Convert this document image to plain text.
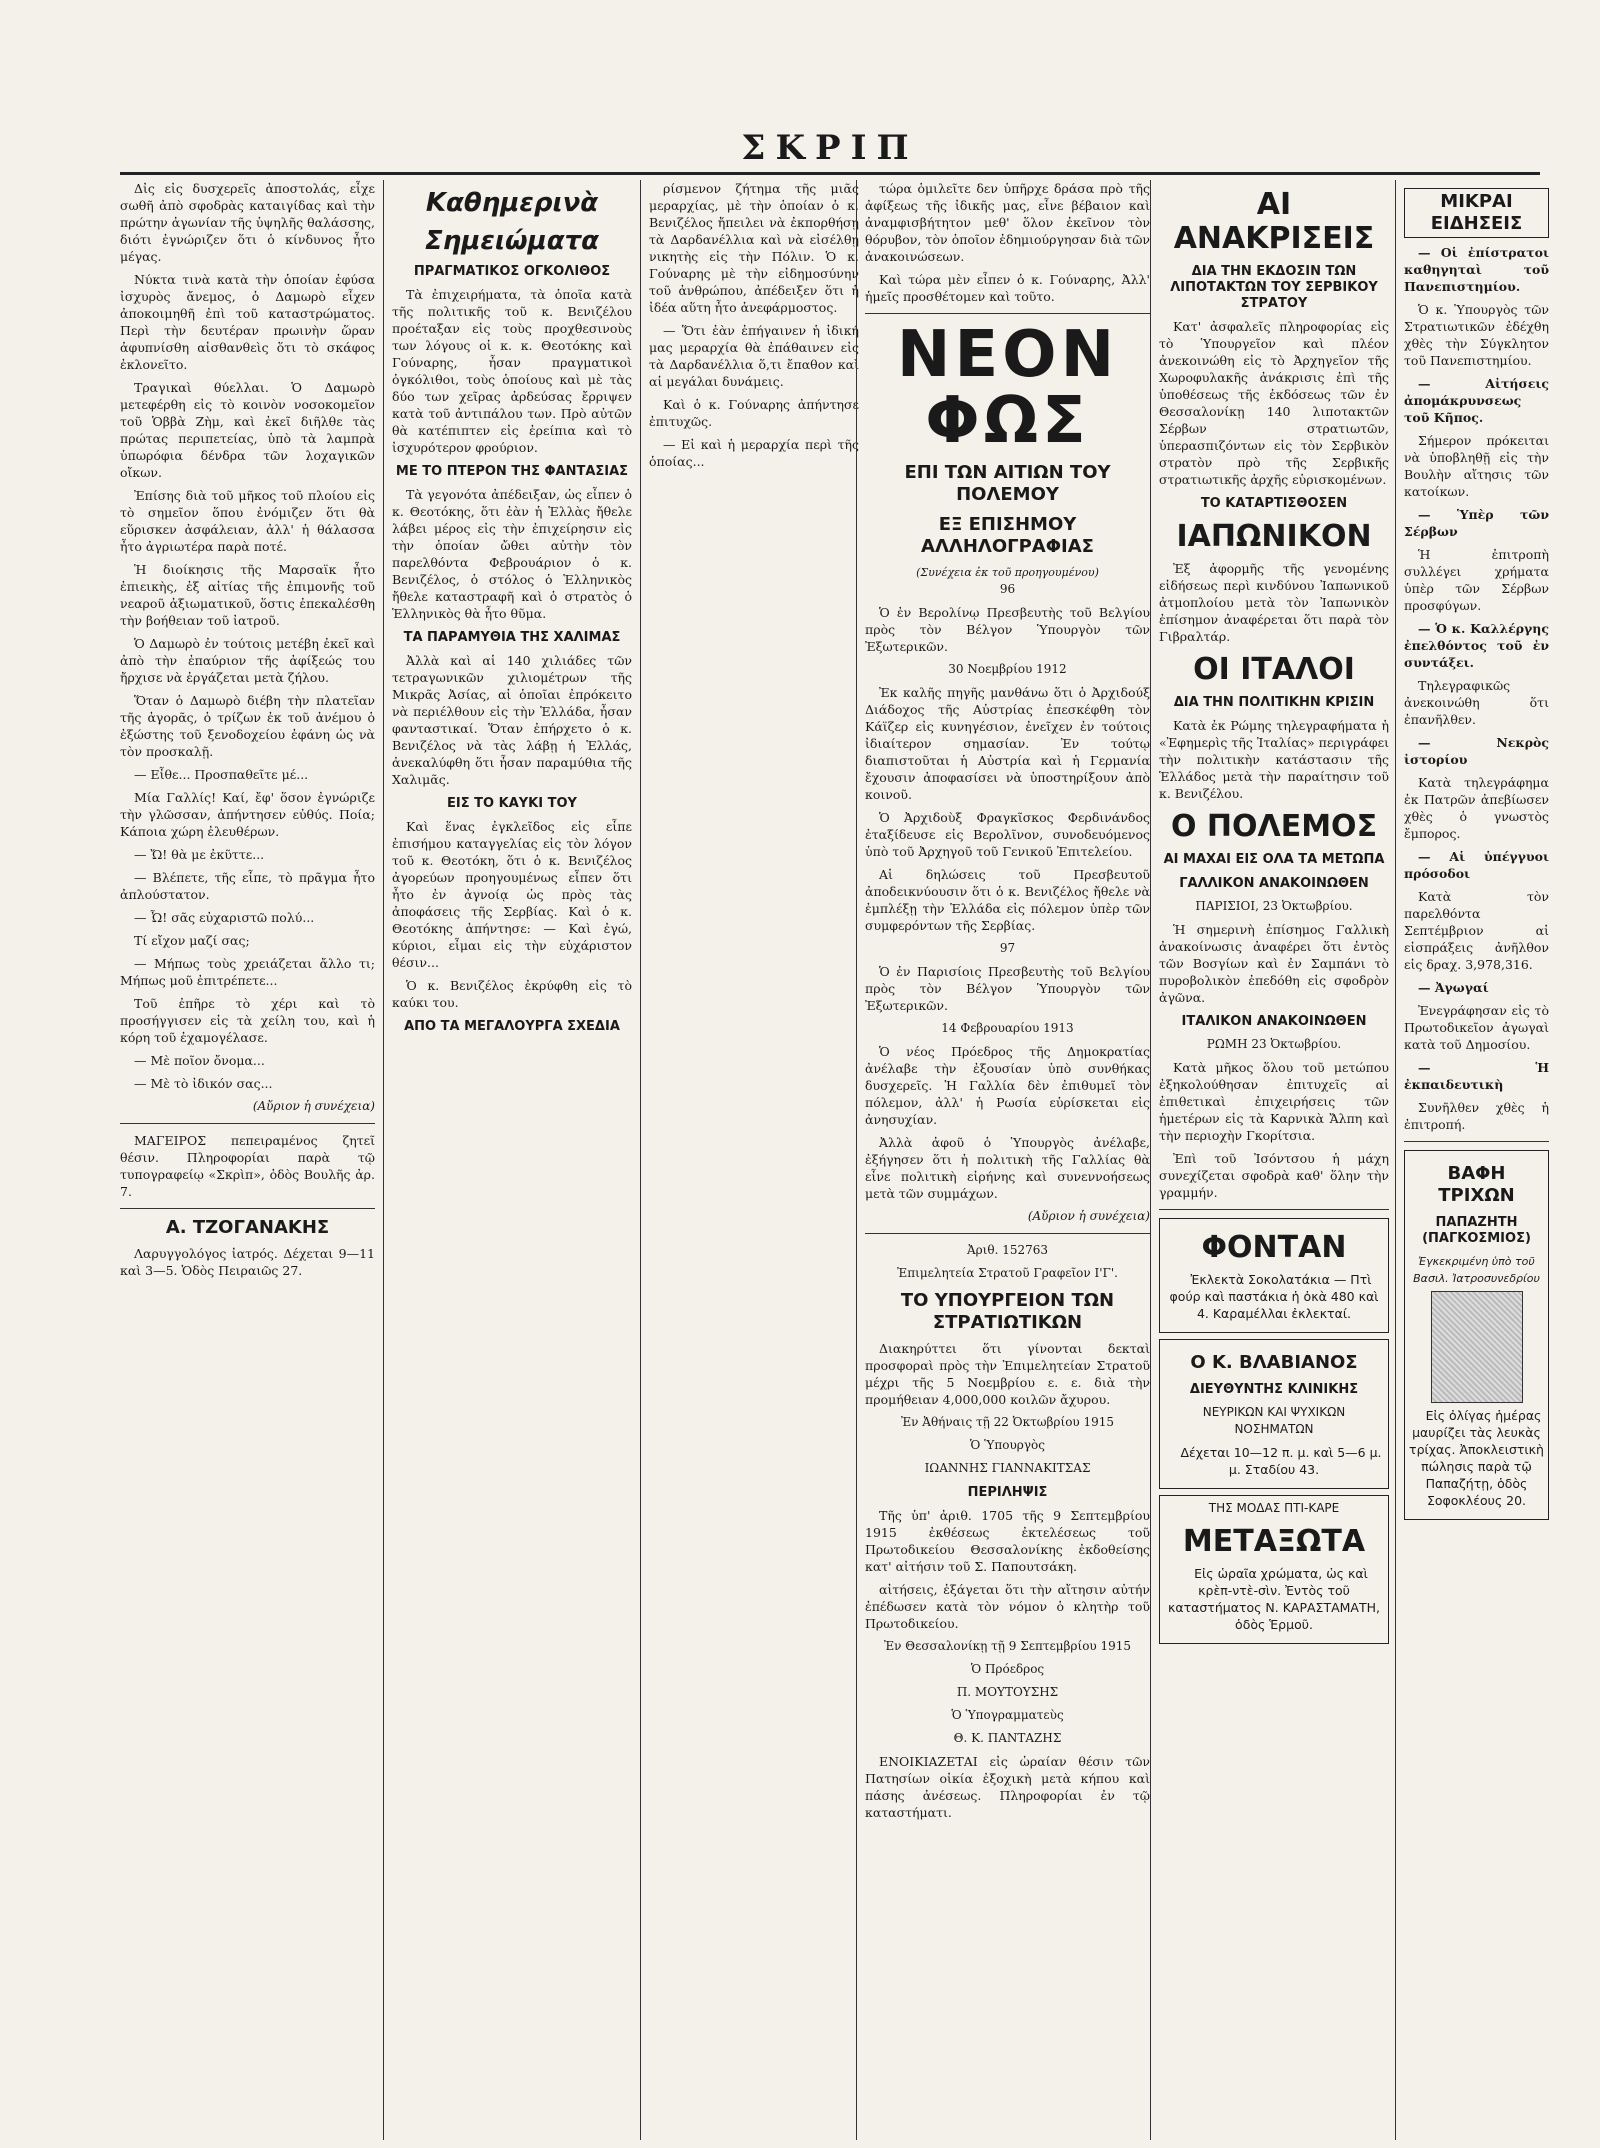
ΣΚΡΙΠ

Δἰς εἰς δυσχερεῖς ἀποστολάς, εἶχε σωθῆ ἀπὸ σφοδρὰς καταιγίδας καὶ τὴν πρώτην ἀγωνίαν τῆς ὑψηλῆς θαλάσσης, διότι ἐγνώριζεν ὅτι ὁ κίνδυνος ἦτο μέγας.

Νύκτα τινὰ κατὰ τὴν ὁποίαν ἐφύσα ἰσχυρὸς ἄνεμος, ὁ Δαμωρὸ εἶχεν ἀποκοιμηθῆ ἐπὶ τοῦ καταστρώματος. Περὶ τὴν δευτέραν πρωινὴν ὥραν ἀφυπνίσθη αἰσθανθεὶς ὅτι τὸ σκάφος ἐκλονεῖτο.

Τραγικαὶ θύελλαι. Ὁ Δαμωρὸ μετεφέρθη εἰς τὸ κοινὸν νοσοκομεῖον τοῦ Ὁββὰ Ζὴμ, καὶ ἐκεῖ διῆλθε τὰς πρώτας περιπετείας, ὑπὸ τὰ λαμπρὰ ὑπωρόφια δένδρα τῶν λοχαγικῶν οἴκων.

Ἐπίσης διὰ τοῦ μῆκος τοῦ πλοίου εἰς τὸ σημεῖον ὅπου ἐνόμιζεν ὅτι θὰ εὕρισκεν ἀσφάλειαν, ἀλλ' ἡ θάλασσα ἦτο ἀγριωτέρα παρὰ ποτέ.

Ἡ διοίκησις τῆς Μαρσαϊκ ἦτο ἐπιεικὴς, ἐξ αἰτίας τῆς ἐπιμονῆς τοῦ νεαροῦ ἀξιωματικοῦ, ὅστις ἐπεκαλέσθη τὴν βοήθειαν τοῦ ἰατροῦ.

Ὁ Δαμωρὸ ἐν τούτοις μετέβη ἐκεῖ καὶ ἀπὸ τὴν ἐπαύριον τῆς ἀφίξεώς του ἤρχισε νὰ ἐργάζεται μετὰ ζήλου.

Ὅταν ὁ Δαμωρὸ διέβη τὴν πλατεῖαν τῆς ἀγορᾶς, ὁ τρίζων ἐκ τοῦ ἀνέμου ὁ ἐξώστης τοῦ ξενοδοχείου ἐφάνη ὡς νὰ τὸν προσκαλῇ.

— Εἶθε... Προσπαθεῖτε μέ...

Μία Γαλλίς! Καί, ἔφ' ὅσον ἐγνώριζε τὴν γλῶσσαν, ἀπήντησεν εὐθύς. Ποία; Κάποια χώρη ἐλευθέρων.

— Ὤ! θὰ με ἐκῦττε...

— Βλέπετε, τῆς εἶπε, τὸ πρᾶγμα ἦτο ἀπλούστατον.

— Ὦ! σᾶς εὐχαριστῶ πολύ...

Τί εἴχον μαζί σας;

— Μήπως τοὺς χρειάζεται ἄλλο τι; Μήπως μοῦ ἐπιτρέπετε...

Τοῦ ἐπῆρε τὸ χέρι καὶ τὸ προσήγγισεν εἰς τὰ χείλη του, καὶ ἡ κόρη τοῦ ἐχαμογέλασε.

— Μὲ ποῖον ὄνομα...

— Μὲ τὸ ἰδικόν σας...

(Αὔριον ἡ συνέχεια)

ΜΑΓΕΙΡΟΣ πεπειραμένος ζητεῖ θέσιν. Πληροφορίαι παρὰ τῷ τυπογραφείῳ «Σκρὶπ», ὁδὸς Βουλῆς ἀρ. 7.

Α. ΤΖΟΓΑΝΑΚΗΣ

Λαρυγγολόγος ἰατρός. Δέχεται 9—11 καὶ 3—5. Ὁδὸς Πειραιῶς 27.

Καθημερινὰ
Σημειώματα
ΠΡΑΓΜΑΤΙΚΟΣ ΟΓΚΟΛΙΘΟΣ

Τὰ ἐπιχειρήματα, τὰ ὁποῖα κατὰ τῆς πολιτικῆς τοῦ κ. Βενιζέλου προέταξαν εἰς τοὺς προχθεσινοὺς των λόγους οἱ κ. κ. Θεοτόκης καὶ Γούναρης, ἦσαν πραγματικοὶ ὀγκόλιθοι, τοὺς ὁποίους καὶ μὲ τὰς δύο των χεῖρας ἀρδεύσας ἔρριψεν κατὰ τοῦ ἀντιπάλου των. Πρὸ αὐτῶν θὰ κατέπιπτεν εἰς ἐρείπια καὶ τὸ ἰσχυρότερον φρούριον.

ΜΕ ΤΟ ΠΤΕΡΟΝ ΤΗΣ ΦΑΝΤΑΣΙΑΣ

Τὰ γεγονότα ἀπέδειξαν, ὡς εἶπεν ὁ κ. Θεοτόκης, ὅτι ἐὰν ἡ Ἑλλὰς ἤθελε λάβει μέρος εἰς τὴν ἐπιχείρησιν εἰς τὴν ὁποίαν ὤθει αὐτὴν τὸν παρελθόντα Φεβρουάριον ὁ κ. Βενιζέλος, ὁ στόλος ὁ Ἑλληνικὸς ἤθελε καταστραφῆ καὶ ὁ στρατὸς ὁ Ἑλληνικὸς θὰ ἦτο θῦμα.

ΤΑ ΠΑΡΑΜΥΘΙΑ ΤΗΣ ΧΑΛΙΜΑΣ

Ἀλλὰ καὶ αἱ 140 χιλιάδες τῶν τετραγωνικῶν χιλιομέτρων τῆς Μικρᾶς Ἀσίας, αἱ ὁποῖαι ἐπρόκειτο νὰ περιέλθουν εἰς τὴν Ἑλλάδα, ἦσαν φανταστικαί. Ὅταν ἐπήρχετο ὁ κ. Βενιζέλος νὰ τὰς λάβῃ ἡ Ἑλλάς, ἀνεκαλύφθη ὅτι ἦσαν παραμύθια τῆς Χαλιμᾶς.

ΕΙΣ ΤΟ ΚΑΥΚΙ ΤΟΥ

Καὶ ἕνας ἐγκλεῖδος εἰς εἶπε ἐπισήμου καταγγελίας εἰς τὸν λόγον τοῦ κ. Θεοτόκη, ὅτι ὁ κ. Βενιζέλος ἀγορεύων προηγουμένως εἶπεν ὅτι ἦτο ἐν ἀγνοίᾳ ὡς πρὸς τὰς ἀποφάσεις τῆς Σερβίας. Καὶ ὁ κ. Θεοτόκης ἀπήντησε: — Καὶ ἐγώ, κύριοι, εἶμαι εἰς τὴν εὐχάριστον θέσιν...

Ὁ κ. Βενιζέλος ἐκρύφθη εἰς τὸ καύκι του.

ΑΠΟ ΤΑ ΜΕΓΑΛΟΥΡΓΑ ΣΧΕΔΙΑ

ρίσμενον ζήτημα τῆς μιᾶς μεραρχίας, μὲ τὴν ὁποίαν ὁ κ. Βενιζέλος ἤπειλει νὰ ἐκπορθήσῃ τὰ Δαρδανέλλια καὶ νὰ εἰσέλθῃ νικητὴς εἰς τὴν Πόλιν. Ὁ κ. Γούναρης μὲ τὴν εἰδημοσύνην τοῦ ἀνθρώπου, ἀπέδειξεν ὅτι ἡ ἰδέα αὕτη ἦτο ἀνεφάρμοστος.

— Ὅτι ἐὰν ἐπήγαινεν ἡ ἰδική μας μεραρχία θὰ ἐπάθαινεν εἰς τὰ Δαρδανέλλια ὅ,τι ἔπαθον καὶ αἱ μεγάλαι δυνάμεις.

Καὶ ὁ κ. Γούναρης ἀπήντησε ἐπιτυχῶς.

— Εἰ καὶ ἡ μεραρχία περὶ τῆς ὁποίας...

τώρα ὁμιλεῖτε δεν ὑπῆρχε δράσα πρὸ τῆς ἀφίξεως τῆς ἰδικῆς μας, εἶνε βέβαιον καὶ ἀναμφισβήτητον μεθ' ὅλον ἐκεῖνον τὸν θόρυβον, τὸν ὁποῖον ἐδημιούργησαν διὰ τῶν ἀνακοινώσεων.

Καὶ τώρα μὲν εἶπεν ὁ κ. Γούναρης, Ἀλλ' ἡμεῖς προσθέτομεν καὶ τοῦτο.

ΝΕΟΝ ΦΩΣ
ΕΠΙ ΤΩΝ ΑΙΤΙΩΝ ΤΟΥ ΠΟΛΕΜΟΥ
ΕΞ ΕΠΙΣΗΜΟΥ ΑΛΛΗΛΟΓΡΑΦΙΑΣ
(Συνέχεια ἐκ τοῦ προηγουμένου)
96

Ὁ ἐν Βερολίνῳ Πρεσβευτὴς τοῦ Βελγίου πρὸς τὸν Βέλγον Ὑπουργὸν τῶν Ἐξωτερικῶν.

30 Νοεμβρίου 1912

Ἐκ καλῆς πηγῆς μανθάνω ὅτι ὁ Ἀρχιδούξ Διάδοχος τῆς Αὐστρίας ἐπεσκέφθη τὸν Κάϊζερ εἰς κυνηγέσιον, ἐνεῖχεν ἐν τούτοις ἰδιαίτερον σημασίαν. Ἐν τούτῳ διαπιστοῦται ἡ Αὐστρία καὶ ἡ Γερμανία ἔχουσιν ἀποφασίσει νὰ ὑποστηρίξουν ἀπὸ κοινοῦ.

Ὁ Ἀρχιδοὺξ Φραγκῖσκος Φερδινάνδος ἐταξίδευσε εἰς Βερολῖνον, συνοδευόμενος ὑπὸ τοῦ Ἀρχηγοῦ τοῦ Γενικοῦ Ἐπιτελείου.

Αἱ δηλώσεις τοῦ Πρεσβευτοῦ ἀποδεικνύουσιν ὅτι ὁ κ. Βενιζέλος ἤθελε νὰ ἐμπλέξῃ τὴν Ἑλλάδα εἰς πόλεμον ὑπὲρ τῶν συμφερόντων τῆς Σερβίας.

97

Ὁ ἐν Παρισίοις Πρεσβευτὴς τοῦ Βελγίου πρὸς τὸν Βέλγον Ὑπουργὸν τῶν Ἐξωτερικῶν.

14 Φεβρουαρίου 1913

Ὁ νέος Πρόεδρος τῆς Δημοκρατίας ἀνέλαβε τὴν ἐξουσίαν ὑπὸ συνθήκας δυσχερεῖς. Ἡ Γαλλία δὲν ἐπιθυμεῖ τὸν πόλεμον, ἀλλ' ἡ Ρωσία εὑρίσκεται εἰς ἀνησυχίαν.

Ἀλλὰ ἀφοῦ ὁ Ὑπουργὸς ἀνέλαβε, ἐξήγησεν ὅτι ἡ πολιτικὴ τῆς Γαλλίας θὰ εἶνε πολιτικὴ εἰρήνης καὶ συνεννοήσεως μετὰ τῶν συμμάχων.

(Αὔριον ἡ συνέχεια)
Ἀριθ. 152763
Ἐπιμελητεία Στρατοῦ Γραφεῖον Ι'Γ'.
ΤΟ ΥΠΟΥΡΓΕΙΟΝ ΤΩΝ ΣΤΡΑΤΙΩΤΙΚΩΝ

Διακηρύττει ὅτι γίνονται δεκταὶ προσφοραὶ πρὸς τὴν Ἐπιμελητείαν Στρατοῦ μέχρι τῆς 5 Νοεμβρίου ε. ε. διὰ τὴν προμήθειαν 4,000,000 κοιλῶν ἄχυρου.

Ἐν Ἀθήναις τῇ 22 Ὀκτωβρίου 1915
Ὁ Ὑπουργὸς
ΙΩΑΝΝΗΣ ΓΙΑΝΝΑΚΙΤΣΑΣ
ΠΕΡΙΛΗΨΙΣ

Τῆς ὑπ' ἀριθ. 1705 τῆς 9 Σεπτεμβρίου 1915 ἐκθέσεως ἐκτελέσεως τοῦ Πρωτοδικείου Θεσσαλονίκης ἐκδοθείσης κατ' αἰτήσιν τοῦ Σ. Παπουτσάκη.

αἰτήσεις, ἐξάγεται ὅτι τὴν αἴτησιν αὐτήν ἐπέδωσεν κατὰ τὸν νόμον ὁ κλητὴρ τοῦ Πρωτοδικείου.

Ἐν Θεσσαλονίκῃ τῇ 9 Σεπτεμβρίου 1915
Ὁ Πρόεδρος
Π. ΜΟΥΤΟΥΣΗΣ
Ὁ Ὑπογραμματεὺς
Θ. Κ. ΠΑΝΤΑΖΗΣ

ΕΝΟΙΚΙΑΖΕΤΑΙ εἰς ὡραίαν θέσιν τῶν Πατησίων οἰκία ἐξοχικὴ μετὰ κήπου καὶ πάσης ἀνέσεως. Πληροφορίαι ἐν τῷ καταστήματι.

ΑΙ ΑΝΑΚΡΙΣΕΙΣ
ΔΙΑ ΤΗΝ ΕΚΔΟΣΙΝ ΤΩΝ ΛΙΠΟΤΑΚΤΩΝ ΤΟΥ ΣΕΡΒΙΚΟΥ ΣΤΡΑΤΟΥ

Κατ' ἀσφαλεῖς πληροφορίας εἰς τὸ Ὑπουργεῖον καὶ πλέον ἀνεκοινώθη εἰς τὸ Ἀρχηγεῖον τῆς Χωροφυλακῆς ἀνάκρισις ἐπὶ τῆς ὑποθέσεως τῆς ἐκδόσεως τῶν ἐν Θεσσαλονίκῃ 140 λιποτακτῶν Σέρβων στρατιωτῶν, ὑπερασπιζόντων εἰς τὸν Σερβικὸν στρατὸν πρὸ τῆς Σερβικῆς στρατιωτικῆς ἀρχῆς εὑρισκομένων.

ΤΟ ΚΑΤΑΡΤΙΣΘΟΣΕΝ
ΙΑΠΩΝΙΚΟΝ

Ἐξ ἀφορμῆς τῆς γενομένης εἰδήσεως περὶ κινδύνου Ἰαπωνικοῦ ἀτμοπλοίου μετὰ τὸν Ἰαπωνικὸν ἐπίσημον ἀναφέρεται ὅτι παρὰ τὸν Γιβραλτάρ.

ΟΙ ΙΤΑΛΟΙ
ΔΙΑ ΤΗΝ ΠΟΛΙΤΙΚΗΝ ΚΡΙΣΙΝ

Κατὰ ἐκ Ρώμης τηλεγραφήματα ἡ «Ἐφημερὶς τῆς Ἰταλίας» περιγράφει τὴν πολιτικὴν κατάστασιν τῆς Ἑλλάδος μετὰ τὴν παραίτησιν τοῦ κ. Βενιζέλου.

Ο ΠΟΛΕΜΟΣ
ΑΙ ΜΑΧΑΙ ΕΙΣ ΟΛΑ ΤΑ ΜΕΤΩΠΑ
ΓΑΛΛΙΚΟΝ ΑΝΑΚΟΙΝΩΘΕΝ
ΠΑΡΙΣΙΟΙ, 23 Ὀκτωβρίου.

Ἡ σημερινὴ ἐπίσημος Γαλλικὴ ἀνακοίνωσις ἀναφέρει ὅτι ἐντὸς τῶν Βοσγίων καὶ ἐν Σαμπάνι τὸ πυροβολικὸν ἐπεδόθη εἰς σφοδρὸν ἀγῶνα.

ΙΤΑΛΙΚΟΝ ΑΝΑΚΟΙΝΩΘΕΝ
ΡΩΜΗ 23 Ὀκτωβρίου.

Κατὰ μῆκος ὅλου τοῦ μετώπου ἐξηκολούθησαν ἐπιτυχεῖς αἱ ἐπιθετικαὶ ἐπιχειρήσεις τῶν ἡμετέρων εἰς τὰ Καρνικὰ Ἄλπη καὶ τὴν περιοχὴν Γκορίτσια.

Ἐπὶ τοῦ Ἰσόντσου ἡ μάχη συνεχίζεται σφοδρὰ καθ' ὅλην τὴν γραμμήν.

ΦΟΝΤΑΝ

Ἐκλεκτὰ Σοκολατάκια — Πτὶ φούρ καὶ παστάκια ἡ ὀκὰ 480 καὶ 4. Καραμέλλαι ἐκλεκταί.

Ο Κ. ΒΛΑΒΙΑΝΟΣ
ΔΙΕΥΘΥΝΤΗΣ ΚΛΙΝΙΚΗΣ
ΝΕΥΡΙΚΩΝ ΚΑΙ ΨΥΧΙΚΩΝ ΝΟΣΗΜΑΤΩΝ

Δέχεται 10—12 π. μ. καὶ 5—6 μ. μ. Σταδίου 43.

ΤΗΣ ΜΟΔΑΣ ΠΤΙ-ΚΑΡΕ
ΜΕΤΑΞΩΤΑ

Εἰς ὡραῖα χρώματα, ὡς καὶ κρὲπ-ντὲ-σὶν. Ἐντὸς τοῦ καταστήματος Ν. ΚΑΡΑΣΤΑΜΑΤΗ, ὁδὸς Ἑρμοῦ.

ΜΙΚΡΑΙ ΕΙΔΗΣΕΙΣ

— Οἱ ἐπίστρατοι καθηγηταὶ τοῦ Πανεπιστημίου.

Ὁ κ. Ὑπουργὸς τῶν Στρατιωτικῶν ἐδέχθη χθὲς τὴν Σύγκλητον τοῦ Πανεπιστημίου.

— Αἰτήσεις ἀπομάκρυνσεως τοῦ Κῆπος.

Σήμερον πρόκειται νὰ ὑποβληθῇ εἰς τὴν Βουλὴν αἴτησις τῶν κατοίκων.

— Ὑπὲρ τῶν Σέρβων

Ἡ ἐπιτροπὴ συλλέγει χρήματα ὑπὲρ τῶν Σέρβων προσφύγων.

— Ὁ κ. Καλλέργης ἐπελθόντος τοῦ ἐν συντάξει.

Τηλεγραφικῶς ἀνεκοινώθη ὅτι ἐπανῆλθεν.

— Νεκρὸς ἰστορίου

Κατὰ τηλεγράφημα ἐκ Πατρῶν ἀπεβίωσεν χθὲς ὁ γνωστὸς ἔμπορος.

— Αἱ ὑπέγγυοι πρόσοδοι

Κατὰ τὸν παρελθόντα Σεπτέμβριον αἱ εἰσπράξεις ἀνῆλθον εἰς δραχ. 3,978,316.

— Ἀγωγαί

Ἐνεγράφησαν εἰς τὸ Πρωτοδικεῖον ἀγωγαὶ κατὰ τοῦ Δημοσίου.

— Ἡ ἐκπαιδευτικὴ

Συνῆλθεν χθὲς ἡ ἐπιτροπή.

ΒΑΦΗ ΤΡΙΧΩΝ
ΠΑΠΑΖΗΤΗ (ΠΑΓΚΟΣΜΙΟΣ)
Ἐγκεκριμένη ὑπὸ τοῦ Βασιλ. Ἰατροσυνεδρίου

Εἰς ὀλίγας ἡμέρας μαυρίζει τὰς λευκὰς τρίχας. Ἀποκλειστικὴ πώλησις παρὰ τῷ Παπαζήτῃ, ὁδὸς Σοφοκλέους 20.
